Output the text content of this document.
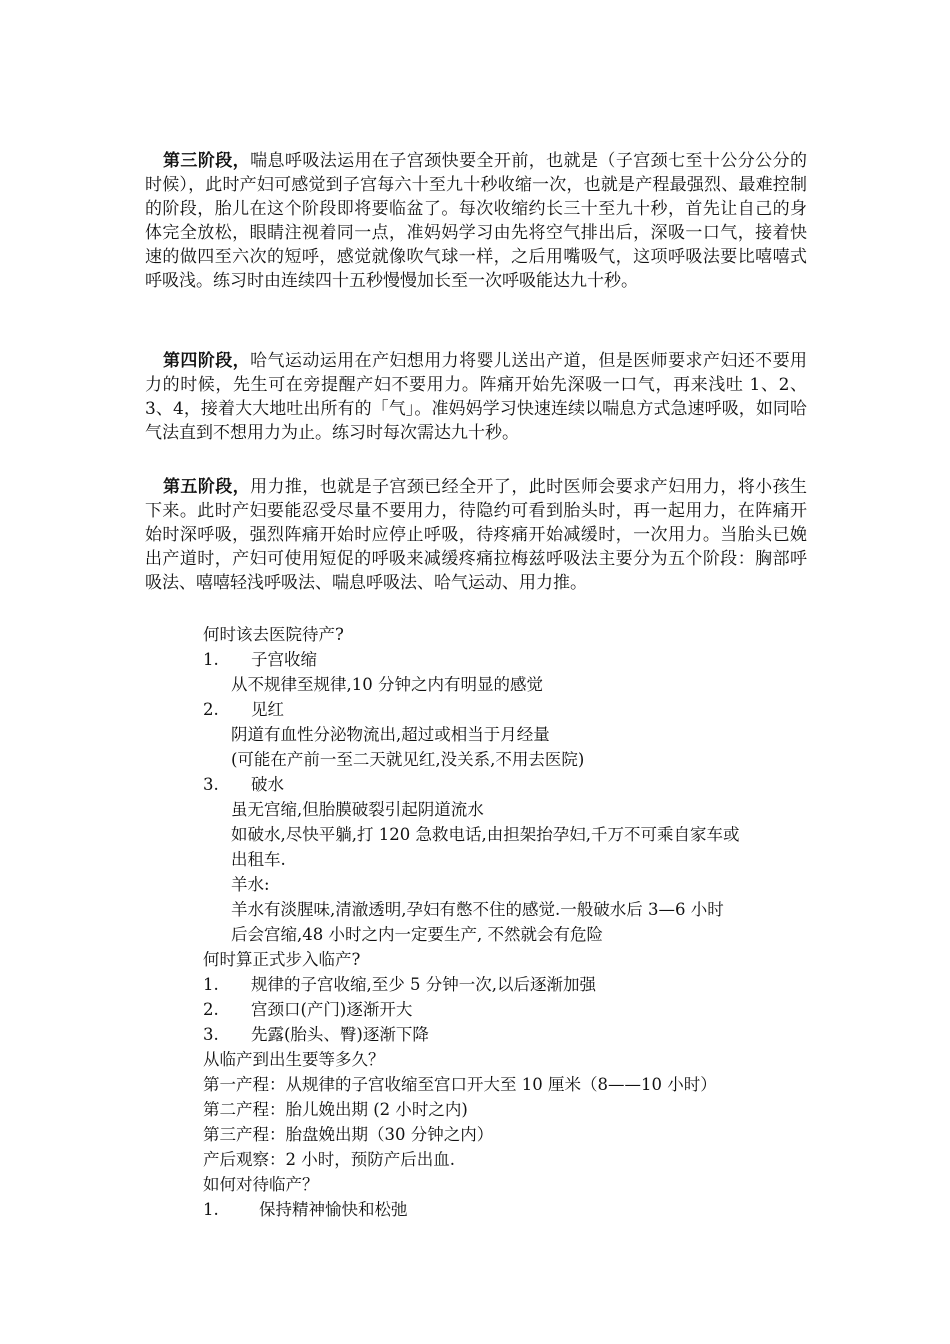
第三阶段，喘息呼吸法运用在子宫颈快要全开前，也就是（子宫颈七至十公分公分的时候），此时产妇可感觉到子宫每六十至九十秒收缩一次，也就是产程最强烈、最难控制的阶段，胎儿在这个阶段即将要临盆了。每次收缩约长三十至九十秒，首先让自己的身体完全放松，眼睛注视着同一点，准妈妈学习由先将空气排出后，深吸一口气，接着快速的做四至六次的短呼，感觉就像吹气球一样，之后用嘴吸气，这项呼吸法要比嘻嘻式呼吸浅。练习时由连续四十五秒慢慢加长至一次呼吸能达九十秒。

第四阶段，哈气运动运用在产妇想用力将婴儿送出产道，但是医师要求产妇还不要用力的时候，先生可在旁提醒产妇不要用力。阵痛开始先深吸一口气，再来浅吐 1、2、3、4，接着大大地吐出所有的「气」。准妈妈学习快速连续以喘息方式急速呼吸，如同哈气法直到不想用力为止。练习时每次需达九十秒。

第五阶段，用力推，也就是子宫颈已经全开了，此时医师会要求产妇用力，将小孩生下来。此时产妇要能忍受尽量不要用力，待隐约可看到胎头时，再一起用力，在阵痛开始时深呼吸，强烈阵痛开始时应停止呼吸，待疼痛开始减缓时，一次用力。当胎头已娩出产道时，产妇可使用短促的呼吸来减缓疼痛拉梅兹呼吸法主要分为五个阶段：胸部呼吸法、嘻嘻轻浅呼吸法、喘息呼吸法、哈气运动、用力推。

何时该去医院待产?
1. 子宫收缩
从不规律至规律,10 分钟之内有明显的感觉
2. 见红
阴道有血性分泌物流出,超过或相当于月经量
(可能在产前一至二天就见红,没关系,不用去医院)
3. 破水
虽无宫缩,但胎膜破裂引起阴道流水
如破水,尽快平躺,打 120 急救电话,由担架抬孕妇,千万不可乘自家车或
出租车.
羊水:
羊水有淡腥味,清澈透明,孕妇有憋不住的感觉.一般破水后 3—6 小时
后会宫缩,48 小时之内一定要生产, 不然就会有危险
何时算正式步入临产?
1. 规律的子宫收缩,至少 5 分钟一次,以后逐渐加强
2. 宫颈口(产门)逐渐开大
3. 先露(胎头、臀)逐渐下降
从临产到出生要等多久？
第一产程：从规律的子宫收缩至宫口开大至 10 厘米（8——10 小时）
第二产程：胎儿娩出期 (2 小时之内)
第三产程：胎盘娩出期（30 分钟之内）
产后观察：2 小时，预防产后出血.
如何对待临产？
1. 保持精神愉快和松弛
